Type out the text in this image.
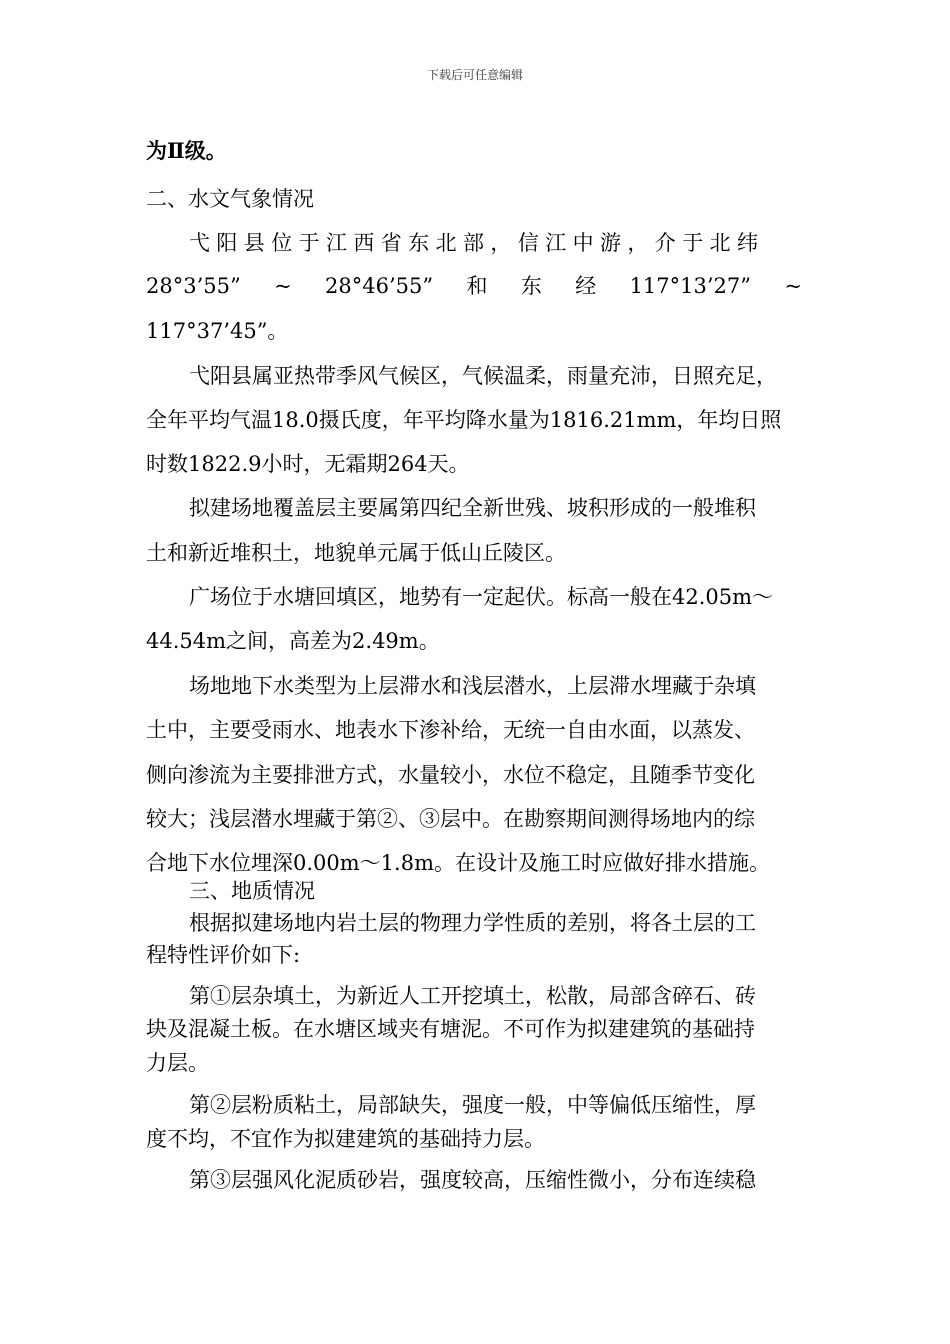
下载后可任意编辑
为Ⅱ级。
二、水文气象情况
弋阳县位于江西省东北部，信江中游，介于北纬
28°3’55” ~ 28°46’55” 和 东 经 117°13’27” ~
117°37’45”。
弋阳县属亚热带季风气候区，气候温柔，雨量充沛，日照充足，
全年平均气温18.0摄氏度，年平均降水量为1816.21mm，年均日照
时数1822.9小时，无霜期264天。
拟建场地覆盖层主要属第四纪全新世残、坡积形成的一般堆积
土和新近堆积土，地貌单元属于低山丘陵区。
广场位于水塘回填区，地势有一定起伏。标高一般在42.05m～
44.54m之间，高差为2.49m。
场地地下水类型为上层滞水和浅层潜水，上层滞水埋藏于杂填
土中，主要受雨水、地表水下渗补给，无统一自由水面，以蒸发、
侧向渗流为主要排泄方式，水量较小，水位不稳定，且随季节变化
较大；浅层潜水埋藏于第②、③层中。在勘察期间测得场地内的综
合地下水位埋深0.00m～1.8m。在设计及施工时应做好排水措施。
三、地质情况
根据拟建场地内岩土层的物理力学性质的差别，将各土层的工
程特性评价如下:
第①层杂填土，为新近人工开挖填土，松散，局部含碎石、砖
块及混凝土板。在水塘区域夹有塘泥。不可作为拟建建筑的基础持
力层。
第②层粉质粘土，局部缺失，强度一般，中等偏低压缩性，厚
度不均，不宜作为拟建建筑的基础持力层。
第③层强风化泥质砂岩，强度较高，压缩性微小，分布连续稳
